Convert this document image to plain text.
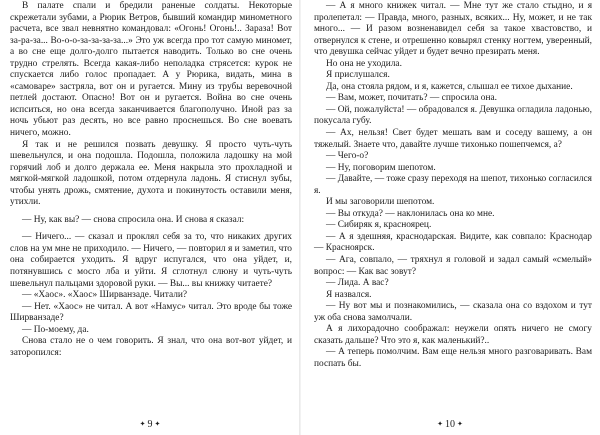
В палате спали и бредили раненые солдаты. Некоторые скрежетали зубами, а Рюрик Ветров, бывший командир минометного расчета, все звал невнятно командовал: «Огонь! Огонь!.. Зараза! Вот за-ра-за... Во-о-о-за-за-за-за...» Это уж всегда про тот самую миномет, а во сне еще долго-долго пытается наводить. Только во сне очень трудно стрелять. Всегда какая-либо неполадка стрясется: курок не спускается либо голос пропадает. А у Рюрика, видать, мина в «самоварe» застряла, вот он и ругается. Мину из трубы веревочной петлей достают. Опасно! Вот он и ругается. Война во сне очень испситься, но она всегда заканчивается благополучно. Иной раз за ночь убьют раз десять, но все равно проснешься. Во сне воевать ничего, можно.

Я так и не решился позвать девушку. Я просто чуть-чуть шевельнулся, и она подошла. Подошла, положила ладошку на мой горячий лоб и долго держала ее. Меня накрыла это прохладной и мягкой-мягкой ладошкой, потом отдернула ладонь. Я стиснул зубы, чтобы унять дрожь, смятение, духота и покинутость оставили меня, утихли.

— Ну, как вы? — снова спросила она. И снова я сказал:

— Ничего... — сказал и проклял себя за то, что никаких других слов на ум мне не приходило. — Ничего, — повторил я и заметил, что она собирается уходить. Я вдруг испугался, что она уйдет, и, потянувшись с мосго лба и уйти. Я сглотнул слюну и чуть-чуть шевельнул пальцами здоровой руки. — Вы... вы книжку читаете?

— «Хаос». «Хаос» Ширванзаде. Читали?

— Нет. «Хаос» не читал. А вот «Намус» читал. Это вроде бы тоже Ширванзаде?

— По-моему, да.

Снова стало не о чем говорить. Я знал, что она вот-вот уйдет, и заторопился:

✦ 9 ✦

— А я много книжек читал. — Мне тут же стало стыдно, и я пролепетал: — Правда, много, разных, всяких... Ну, может, и не так много... — И разом возненавидел себя за такое хвастовство, и отвернулся к стене, и отрешенно ковырял стенку ногтем, уверенный, что девушка сейчас уйдет и будет вечно презирать меня.

Но она не уходила.

Я прислушался.

Да, она стояла рядом, и я, кажется, слышал ее тихое дыхание.

— Вам, может, почитать? — спросила она.

— Ой, пожалуйста! — обрадовался я. Девушка огладила ладонью, покусала губу.

— Ах, нельзя! Свет будет мешать вам и соседу вашему, а он тяжелый. Знаете что, давайте лучше тихонько пошепчемся, а?

— Чего-о?

— Ну, поговорим шепотом.

— Давайте, — тоже сразу переходя на шепот, тихонько согласился я.

И мы заговорили шепотом.

— Вы откуда? — наклонилась она ко мне.

— Сибиряк я, красноярец.

— А я здешняя, краснодарская. Видите, как совпало: Краснодар — Красноярск.

— Ага, совпало, — тряхнул я головой и задал самый «смелый» вопрос: — Как вас зовут?

— Лида. А вас?

Я назвался.

— Ну вот мы и познакомились, — сказала она со вздохом и тут уж оба снова замолчали.

А я лихорадочно соображал: неужели опять ничего не смогу сказать дальше? Что это я, как маленький?..

— А теперь помолчим. Вам еще нельзя много разговаривать. Вам поспать бы.

✦ 10 ✦
